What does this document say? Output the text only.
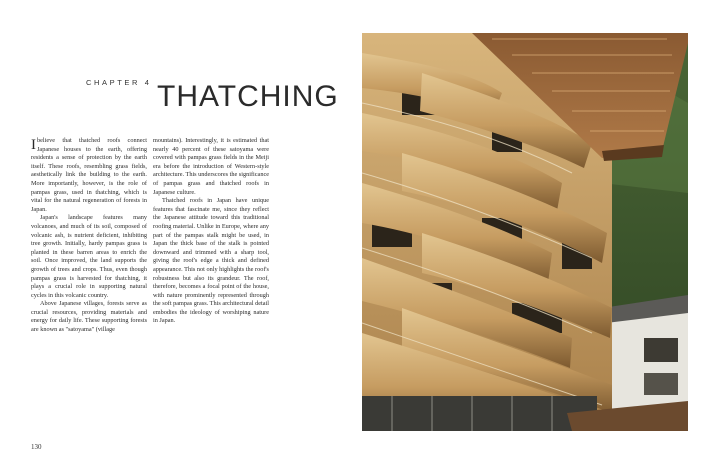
CHAPTER 4 THATCHING

I believe that thatched roofs connect Japanese houses to the earth, offering residents a sense of protection by the earth itself. These roofs, resembling grass fields, aesthetically link the building to the earth. More importantly, however, is the role of pampas grass, used in thatching, which is vital for the natural regeneration of forests in Japan.

Japan's landscape features many volcanoes, and much of its soil, composed of volcanic ash, is nutrient deficient, inhibiting tree growth. Initially, hardy pampas grass is planted in these barren areas to enrich the soil. Once improved, the land supports the growth of trees and crops. Thus, even though pampas grass is harvested for thatching, it plays a crucial role in supporting natural cycles in this volcanic country.

Above Japanese villages, forests serve as crucial resources, providing materials and energy for daily life. These supporting forests are known as "satoyama" (village

mountains). Interestingly, it is estimated that nearly 40 percent of these satoyama were covered with pampas grass fields in the Meiji era before the introduction of Western-style architecture. This underscores the significance of pampas grass and thatched roofs in Japanese culture.

Thatched roofs in Japan have unique features that fascinate me, since they reflect the Japanese attitude toward this traditional roofing material. Unlike in Europe, where any part of the pampas stalk might be used, in Japan the thick base of the stalk is pointed downward and trimmed with a sharp tool, giving the roof's edge a thick and defined appearance. This not only highlights the roof's robustness but also its grandeur. The roof, therefore, becomes a focal point of the house, with nature prominently represented through the soft pampas grass. This architectural detail embodies the ideology of worshiping nature in Japan.

130
